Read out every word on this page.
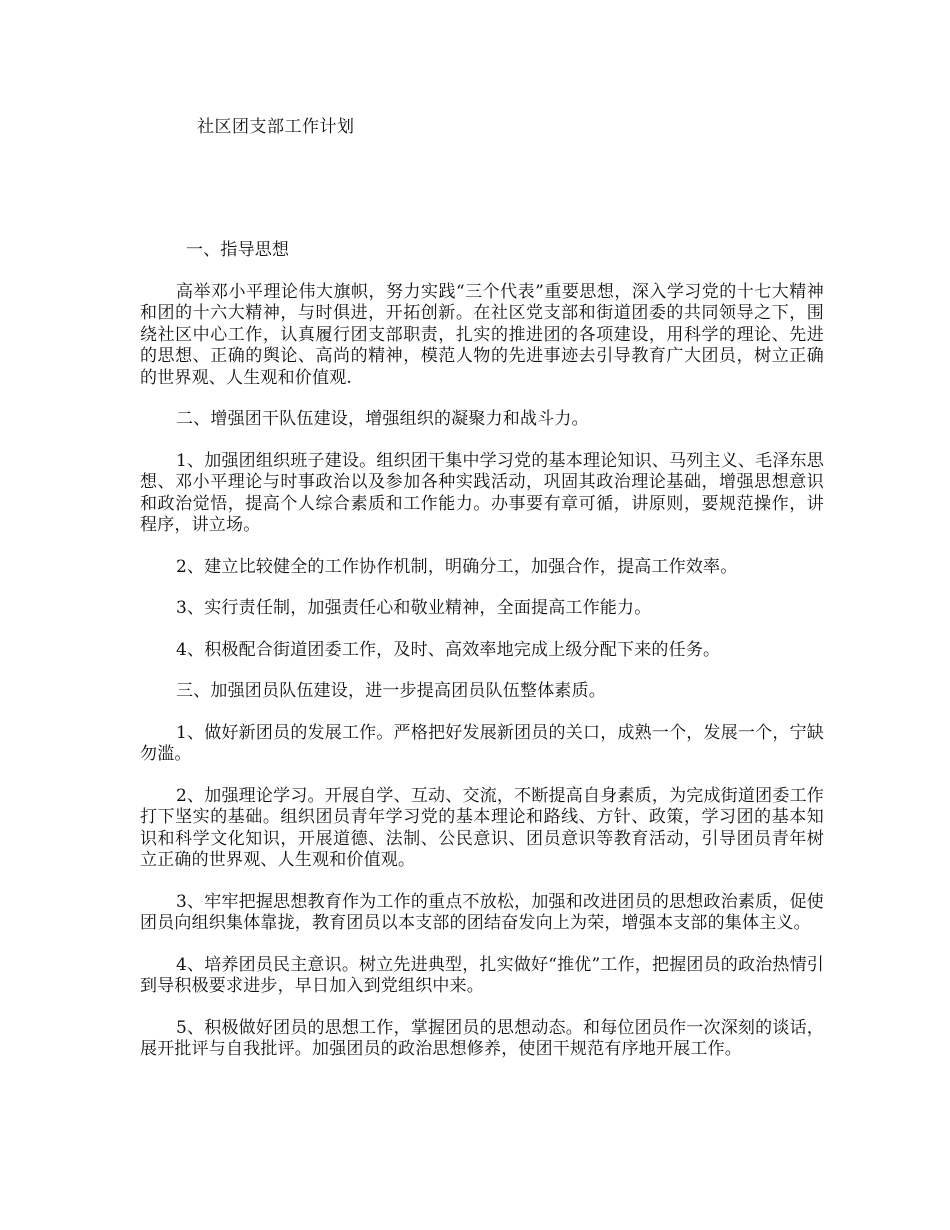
社区团支部工作计划

一、指导思想

高举邓小平理论伟大旗帜，努力实践“三个代表”重要思想，深入学习党的十七大精神和团的十六大精神，与时俱进，开拓创新。在社区党支部和街道团委的共同领导之下，围绕社区中心工作，认真履行团支部职责，扎实的推进团的各项建设，用科学的理论、先进的思想、正确的舆论、高尚的精神，模范人物的先进事迹去引导教育广大团员，树立正确的世界观、人生观和价值观.

二、增强团干队伍建设，增强组织的凝聚力和战斗力。

1、加强团组织班子建设。组织团干集中学习党的基本理论知识、马列主义、毛泽东思想、邓小平理论与时事政治以及参加各种实践活动，巩固其政治理论基础，增强思想意识和政治觉悟，提高个人综合素质和工作能力。办事要有章可循，讲原则，要规范操作，讲程序，讲立场。

2、建立比较健全的工作协作机制，明确分工，加强合作，提高工作效率。

3、实行责任制，加强责任心和敬业精神，全面提高工作能力。

4、积极配合街道团委工作，及时、高效率地完成上级分配下来的任务。

三、加强团员队伍建设，进一步提高团员队伍整体素质。

1、做好新团员的发展工作。严格把好发展新团员的关口，成熟一个，发展一个，宁缺勿滥。

2、加强理论学习。开展自学、互动、交流，不断提高自身素质，为完成街道团委工作打下坚实的基础。组织团员青年学习党的基本理论和路线、方针、政策，学习团的基本知识和科学文化知识，开展道德、法制、公民意识、团员意识等教育活动，引导团员青年树立正确的世界观、人生观和价值观。

3、牢牢把握思想教育作为工作的重点不放松，加强和改进团员的思想政治素质，促使团员向组织集体靠拢，教育团员以本支部的团结奋发向上为荣，增强本支部的集体主义。

4、培养团员民主意识。树立先进典型，扎实做好“推优”工作，把握团员的政治热情引到导积极要求进步，早日加入到党组织中来。

5、积极做好团员的思想工作，掌握团员的思想动态。和每位团员作一次深刻的谈话，展开批评与自我批评。加强团员的政治思想修养，使团干规范有序地开展工作。
